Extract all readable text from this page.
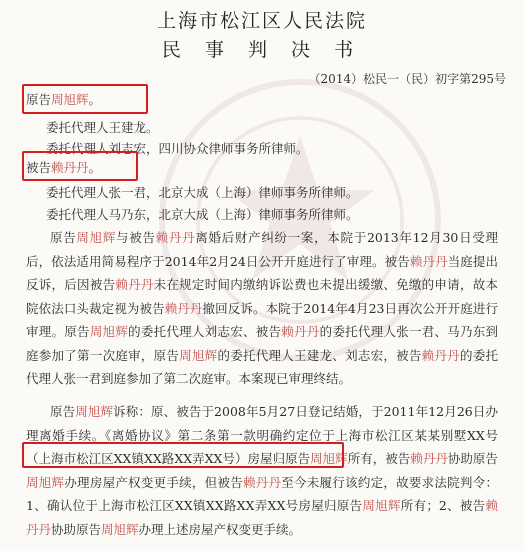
上海市松江区人民法院
民 事 判 决 书
（2014）松民一（民）初字第295号
原告周旭辉。
委托代理人王建龙。
委托代理人刘志宏，四川协众律师事务所律师。
被告赖丹丹。
委托代理人张一君，北京大成（上海）律师事务所律师。
委托代理人马乃东，北京大成（上海）律师事务所律师。
原告周旭辉与被告赖丹丹离婚后财产纠纷一案，本院于2013年12月30日受理后，依法适用简易程序于2014年2月24日公开开庭进行了审理。被告赖丹丹当庭提出反诉，后因被告赖丹丹未在规定时间内缴纳诉讼费也未提出缓缴、免缴的申请，故本院依法口头裁定视为被告赖丹丹撤回反诉。本院于2014年4月23日再次公开开庭进行审理。原告周旭辉的委托代理人刘志宏、被告赖丹丹的委托代理人张一君、马乃东到庭参加了第一次庭审，原告周旭辉的委托代理人王建龙、刘志宏，被告赖丹丹的委托代理人张一君到庭参加了第二次庭审。本案现已审理终结。
原告周旭辉诉称：原、被告于2008年5月27日登记结婚，于2011年12月26日办理离婚手续。《离婚协议》第二条第一款明确约定位于上海市松江区某某别墅XX号（上海市松江区XX镇XX路XX弄XX号）房屋归原告周旭辉所有，被告赖丹丹协助原告周旭辉办理房屋产权变更手续，但被告赖丹丹至今未履行该约定，故要求法院判令：1、确认位于上海市松江区XX镇XX路XX弄XX号房屋归原告周旭辉所有；2、被告赖丹丹协助原告周旭辉办理上述房屋产权变更手续。
